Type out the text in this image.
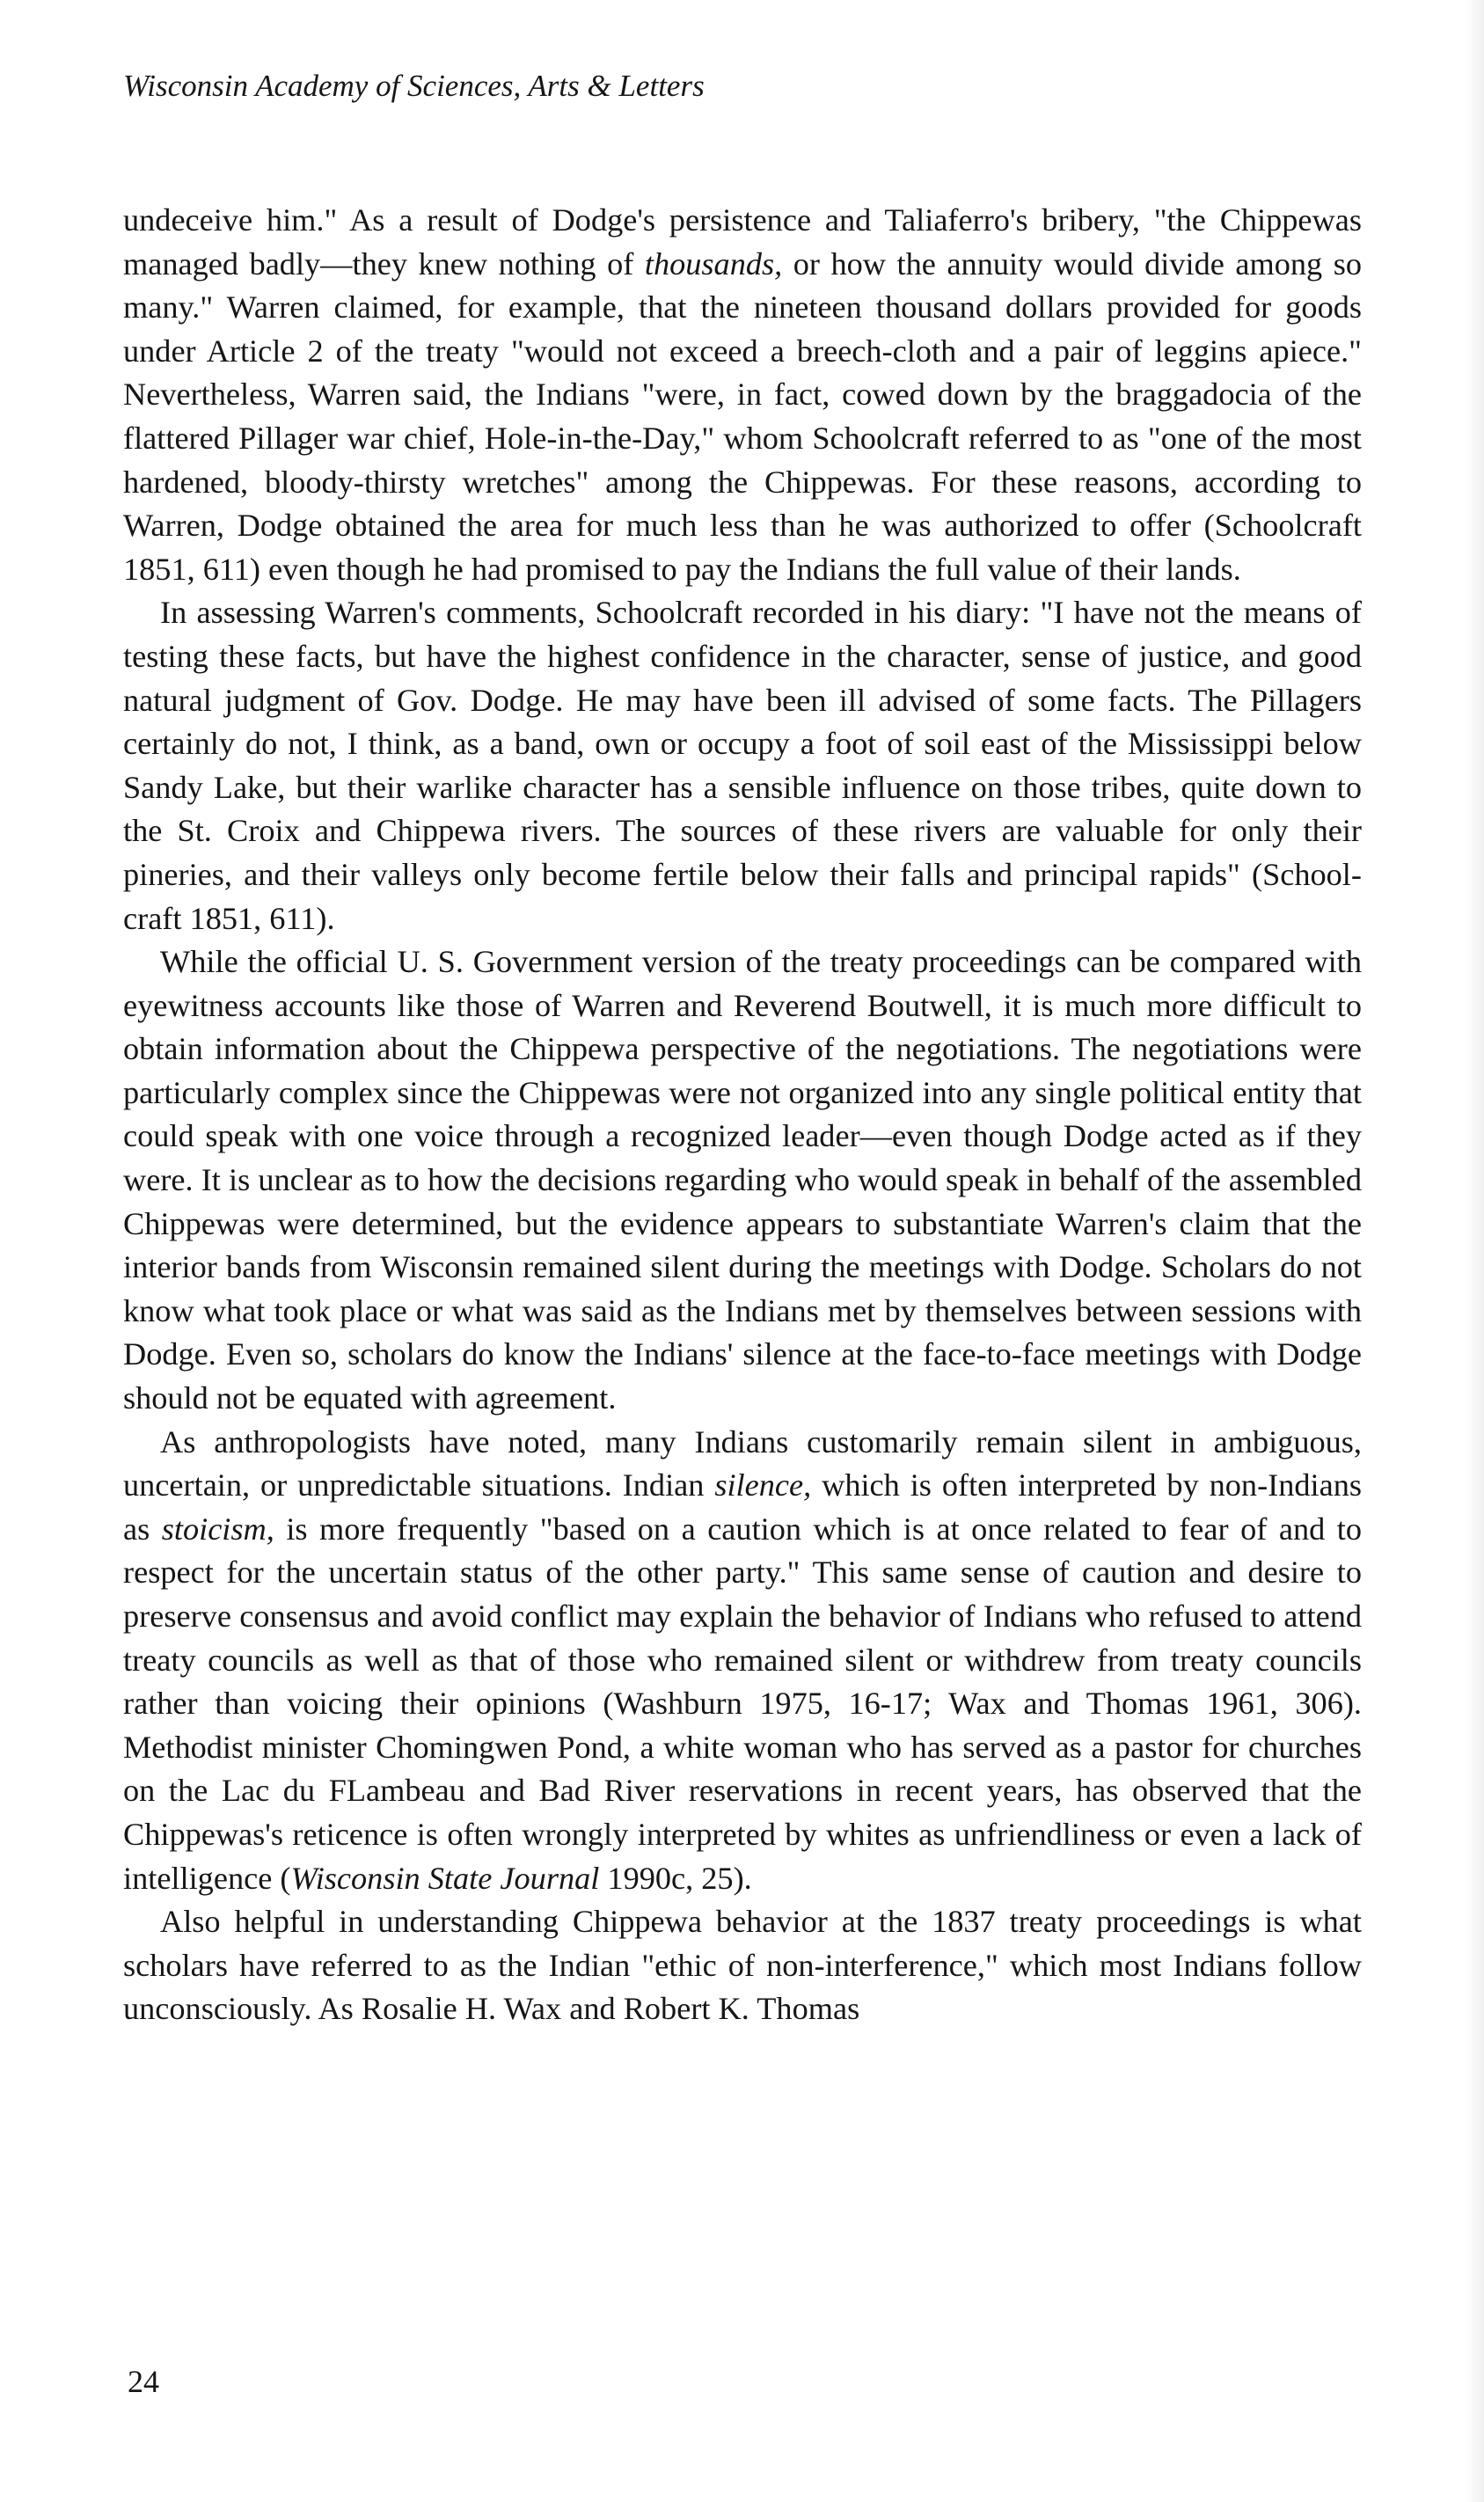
Wisconsin Academy of Sciences, Arts & Letters

undeceive him." As a result of Dodge's persistence and Taliaferro's bribery, "the Chippewas managed badly—they knew nothing of thousands, or how the annuity would divide among so many." Warren claimed, for example, that the nineteen thousand dollars provided for goods under Article 2 of the treaty "would not exceed a breech-cloth and a pair of leggins apiece." Nevertheless, Warren said, the Indians "were, in fact, cowed down by the braggadocia of the flattered Pillager war chief, Hole-in-the-Day," whom Schoolcraft referred to as "one of the most hardened, bloody-thirsty wretches" among the Chippewas. For these reasons, according to Warren, Dodge obtained the area for much less than he was authorized to offer (Schoolcraft 1851, 611) even though he had promised to pay the Indians the full value of their lands.

In assessing Warren's comments, Schoolcraft recorded in his diary: "I have not the means of testing these facts, but have the highest confidence in the character, sense of justice, and good natural judgment of Gov. Dodge. He may have been ill advised of some facts. The Pillagers certainly do not, I think, as a band, own or occupy a foot of soil east of the Mississippi below Sandy Lake, but their warlike character has a sensible influence on those tribes, quite down to the St. Croix and Chippewa rivers. The sources of these rivers are valuable for only their pineries, and their valleys only become fertile below their falls and principal rapids" (Schoolcraft 1851, 611).

While the official U. S. Government version of the treaty proceedings can be compared with eyewitness accounts like those of Warren and Reverend Boutwell, it is much more difficult to obtain information about the Chippewa perspective of the negotiations. The negotiations were particularly complex since the Chippewas were not organized into any single political entity that could speak with one voice through a recognized leader—even though Dodge acted as if they were. It is unclear as to how the decisions regarding who would speak in behalf of the assembled Chippewas were determined, but the evidence appears to substantiate Warren's claim that the interior bands from Wisconsin remained silent during the meetings with Dodge. Scholars do not know what took place or what was said as the Indians met by themselves between sessions with Dodge. Even so, scholars do know the Indians' silence at the face-to-face meetings with Dodge should not be equated with agreement.

As anthropologists have noted, many Indians customarily remain silent in ambiguous, uncertain, or unpredictable situations. Indian silence, which is often interpreted by non-Indians as stoicism, is more frequently "based on a caution which is at once related to fear of and to respect for the uncertain status of the other party." This same sense of caution and desire to preserve consensus and avoid conflict may explain the behavior of Indians who refused to attend treaty councils as well as that of those who remained silent or withdrew from treaty councils rather than voicing their opinions (Washburn 1975, 16-17; Wax and Thomas 1961, 306). Methodist minister Chomingwen Pond, a white woman who has served as a pastor for churches on the Lac du FLambeau and Bad River reservations in recent years, has observed that the Chippewas's reticence is often wrongly interpreted by whites as unfriendliness or even a lack of intelligence (Wisconsin State Journal 1990c, 25).

Also helpful in understanding Chippewa behavior at the 1837 treaty proceedings is what scholars have referred to as the Indian "ethic of non-interference," which most Indians follow unconsciously. As Rosalie H. Wax and Robert K. Thomas

24
